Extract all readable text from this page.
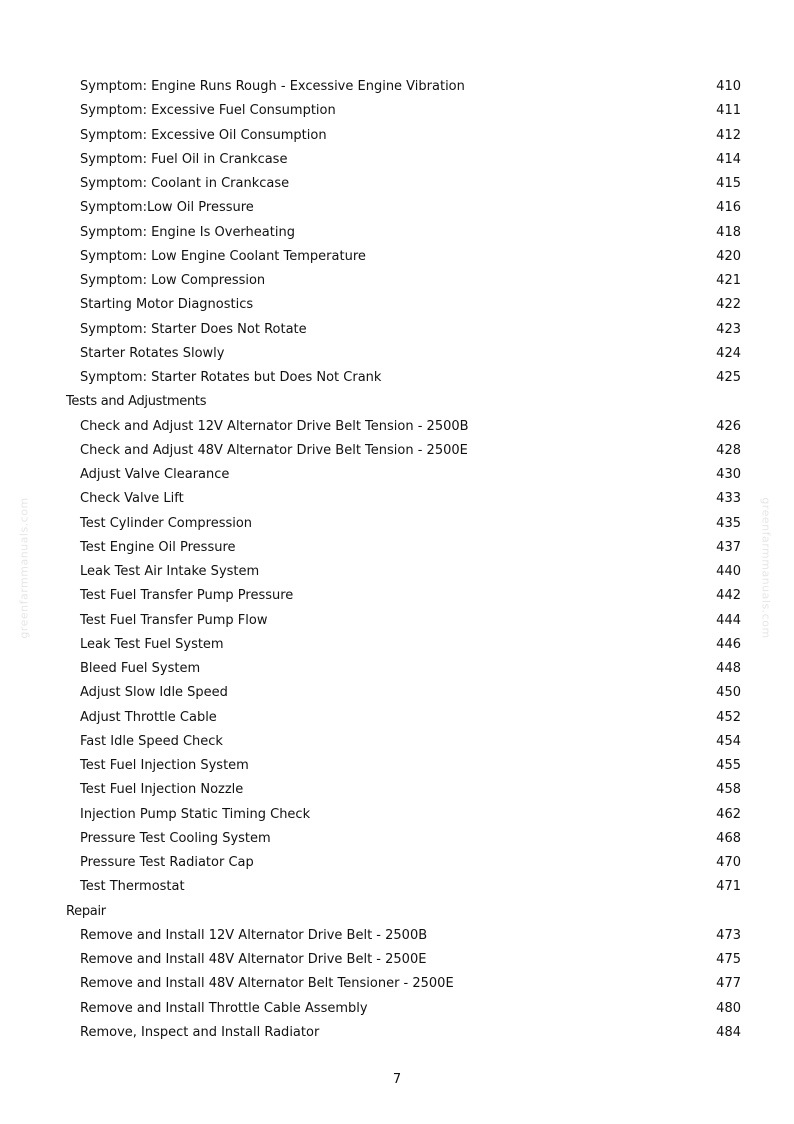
greenfarmmanuals.com	greenfarmmanuals.com
Symptom: Engine Runs Rough - Excessive Engine Vibration	410
Symptom: Excessive Fuel Consumption	411
Symptom: Excessive Oil Consumption	412
Symptom: Fuel Oil in Crankcase	414
Symptom: Coolant in Crankcase	415
Symptom:Low Oil Pressure	416
Symptom: Engine Is Overheating	418
Symptom: Low Engine Coolant Temperature	420
Symptom: Low Compression	421
Starting Motor Diagnostics	422
Symptom: Starter Does Not Rotate	423
Starter Rotates Slowly	424
Symptom: Starter Rotates but Does Not Crank	425
Tests and Adjustments
Check and Adjust 12V Alternator Drive Belt Tension - 2500B	426
Check and Adjust 48V Alternator Drive Belt Tension - 2500E	428
Adjust Valve Clearance	430
Check Valve Lift	433
Test Cylinder Compression	435
Test Engine Oil Pressure	437
Leak Test Air Intake System	440
Test Fuel Transfer Pump Pressure	442
Test Fuel Transfer Pump Flow	444
Leak Test Fuel System	446
Bleed Fuel System	448
Adjust Slow Idle Speed	450
Adjust Throttle Cable	452
Fast Idle Speed Check	454
Test Fuel Injection System	455
Test Fuel Injection Nozzle	458
Injection Pump Static Timing Check	462
Pressure Test Cooling System	468
Pressure Test Radiator Cap	470
Test Thermostat	471
Repair
Remove and Install 12V Alternator Drive Belt - 2500B	473
Remove and Install 48V Alternator Drive Belt - 2500E	475
Remove and Install 48V Alternator Belt Tensioner - 2500E	477
Remove and Install Throttle Cable Assembly	480
Remove, Inspect and Install Radiator	484
7
